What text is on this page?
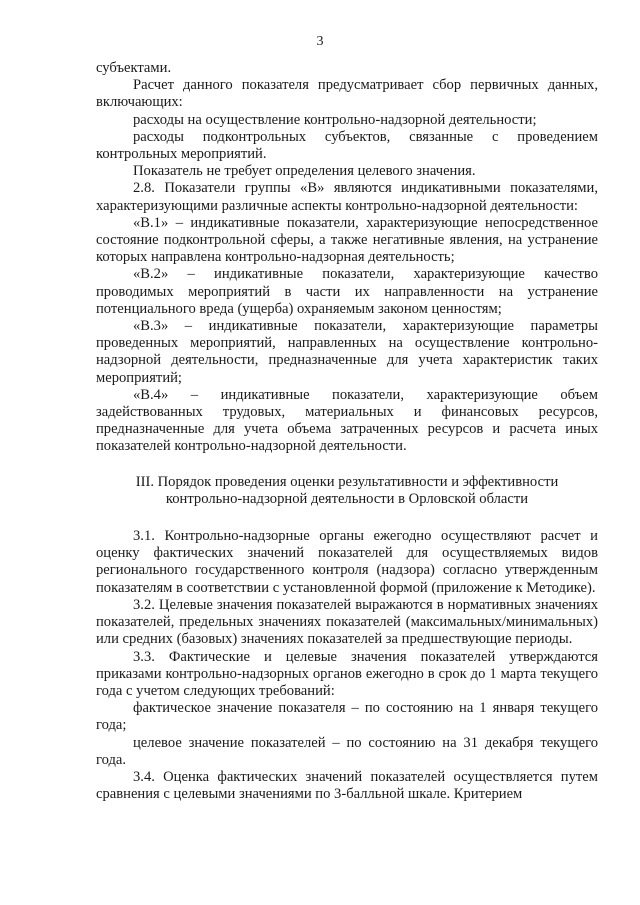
3

субъектами.

Расчет данного показателя предусматривает сбор первичных данных, включающих:

расходы на осуществление контрольно-надзорной деятельности;

расходы подконтрольных субъектов, связанные с проведением контрольных мероприятий.

Показатель не требует определения целевого значения.

2.8. Показатели группы «В» являются индикативными показателями, характеризующими различные аспекты контрольно-надзорной деятельности:

«В.1» – индикативные показатели, характеризующие непосредственное состояние подконтрольной сферы, а также негативные явления, на устранение которых направлена контрольно-надзорная деятельность;

«В.2» – индикативные показатели, характеризующие качество проводимых мероприятий в части их направленности на устранение потенциального вреда (ущерба) охраняемым законом ценностям;

«В.3» – индикативные показатели, характеризующие параметры проведенных мероприятий, направленных на осуществление контрольно-надзорной деятельности, предназначенные для учета характеристик таких мероприятий;

«В.4» – индикативные показатели, характеризующие объем задействованных трудовых, материальных и финансовых ресурсов, предназначенные для учета объема затраченных ресурсов и расчета иных показателей контрольно-надзорной деятельности.

III. Порядок проведения оценки результативности и эффективности
контрольно-надзорной деятельности в Орловской области

3.1. Контрольно-надзорные органы ежегодно осуществляют расчет и оценку фактических значений показателей для осуществляемых видов регионального государственного контроля (надзора) согласно утвержденным показателям в соответствии с установленной формой (приложение к Методике).

3.2. Целевые значения показателей выражаются в нормативных значениях показателей, предельных значениях показателей (максимальных/минимальных) или средних (базовых) значениях показателей за предшествующие периоды.

3.3. Фактические и целевые значения показателей утверждаются приказами контрольно-надзорных органов ежегодно в срок до 1 марта текущего года с учетом следующих требований:

фактическое значение показателя – по состоянию на 1 января текущего года;

целевое значение показателей – по состоянию на 31 декабря текущего года.

3.4. Оценка фактических значений показателей осуществляется путем сравнения с целевыми значениями по 3-балльной шкале. Критерием
